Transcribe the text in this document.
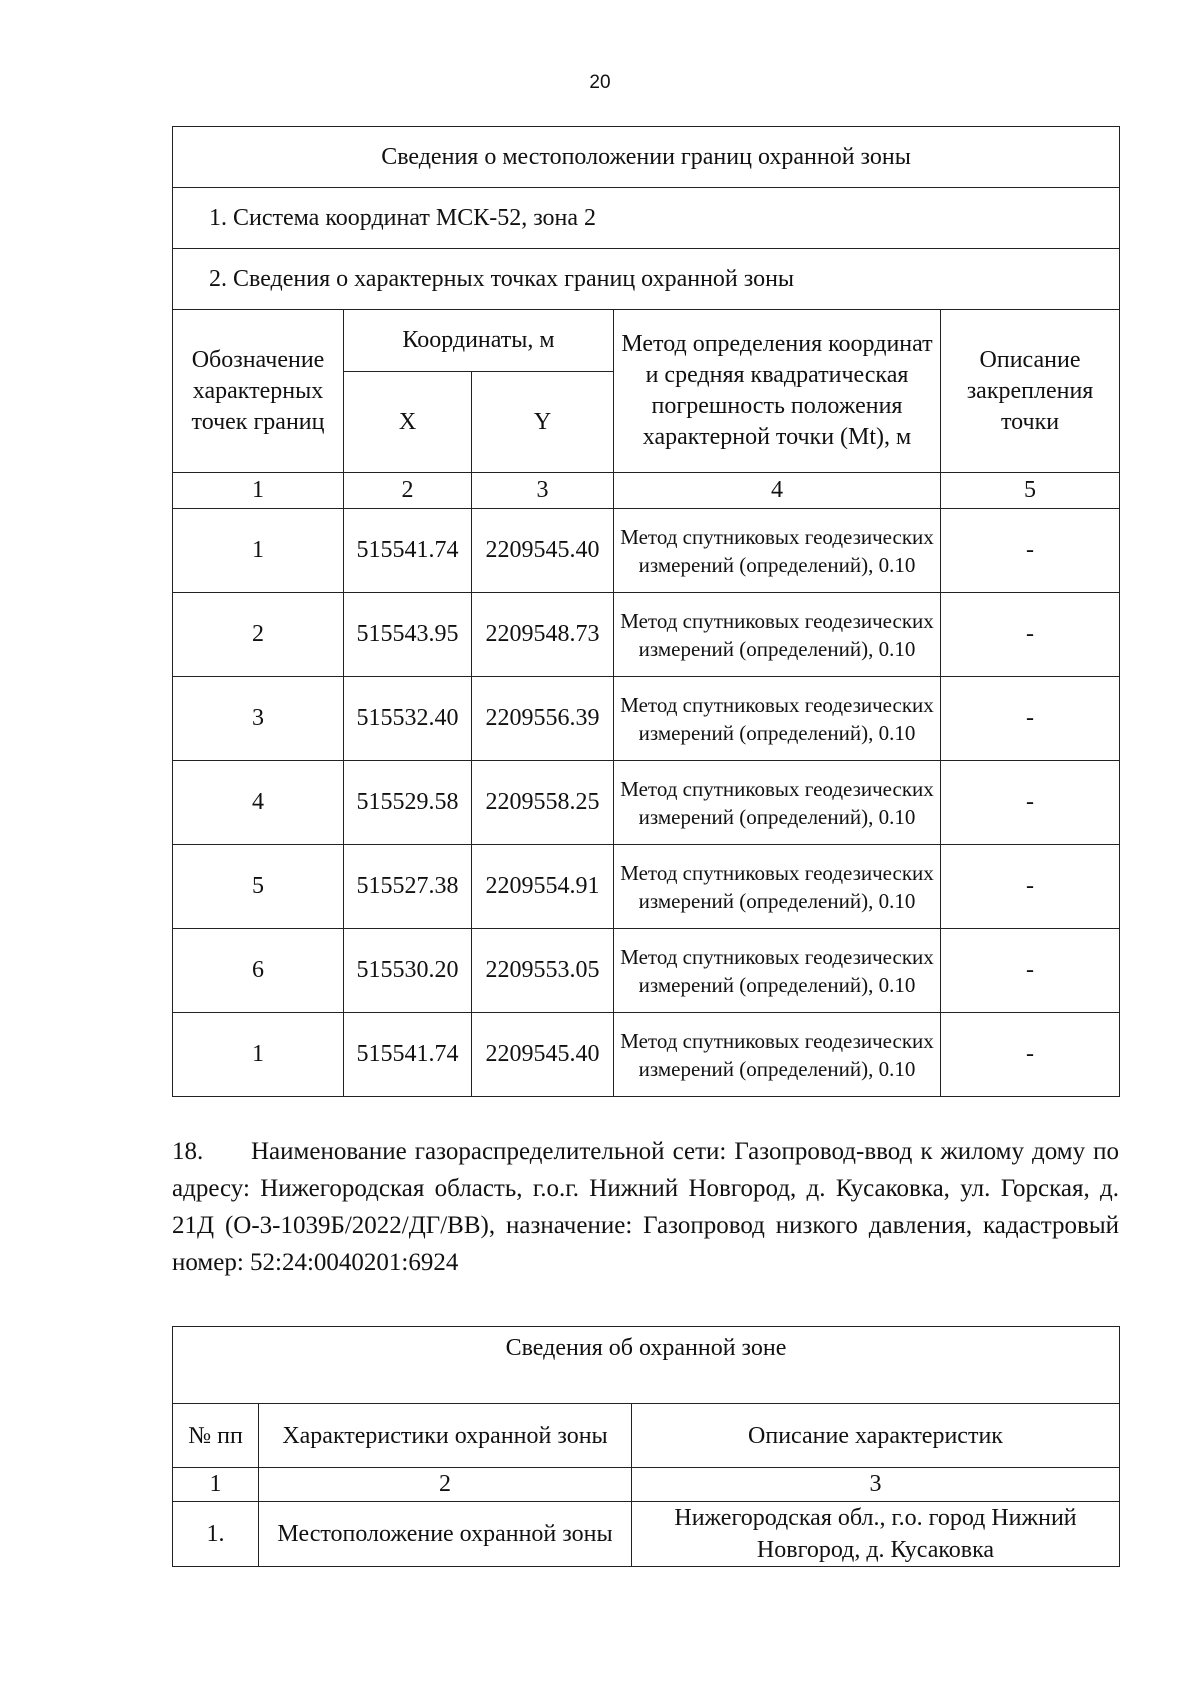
20
Сведения о местоположении границ охранной зоны				
1. Система координат МСК-52, зона 2				
2. Сведения о характерных точках границ охранной зоны				
Обозначение характерных точек границ	Координаты, м		Метод определения координат и средняя квадратическая погрешность положения характерной точки (Mt), м	Описание закрепления точки
	X	Y		
1	2	3	4	5
1	515541.74	2209545.40	Метод спутниковых геодезических измерений (определений), 0.10	-
2	515543.95	2209548.73	Метод спутниковых геодезических измерений (определений), 0.10	-
3	515532.40	2209556.39	Метод спутниковых геодезических измерений (определений), 0.10	-
4	515529.58	2209558.25	Метод спутниковых геодезических измерений (определений), 0.10	-
5	515527.38	2209554.91	Метод спутниковых геодезических измерений (определений), 0.10	-
6	515530.20	2209553.05	Метод спутниковых геодезических измерений (определений), 0.10	-
1	515541.74	2209545.40	Метод спутниковых геодезических измерений (определений), 0.10	-
18. Наименование газораспределительной сети: Газопровод-ввод к жилому дому по адресу: Нижегородская область, г.о.г. Нижний Новгород, д. Кусаковка, ул. Горская, д. 21Д (О-3-1039Б/2022/ДГ/ВВ), назначение: Газопровод низкого давления, кадастровый номер: 52:24:0040201:6924
Сведения об охранной зоне		
№ пп	Характеристики охранной зоны	Описание характеристик
1	2	3
1.	Местоположение охранной зоны	Нижегородская обл., г.о. город Нижний Новгород, д. Кусаковка
